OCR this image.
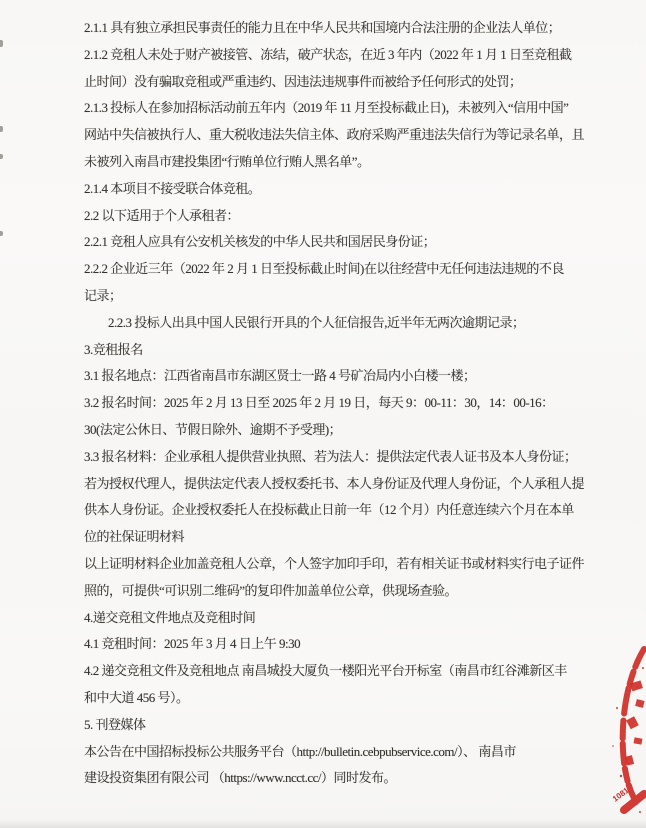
2.1.1 具有独立承担民事责任的能力且在中华人民共和国境内合法注册的企业法人单位；
2.1.2 竞租人未处于财产被接管、冻结，破产状态，在近 3 年内（2022 年 1 月 1 日至竞租截
止时间）没有骗取竞租或严重违约、因违法违规事件而被给予任何形式的处罚；
2.1.3 投标人在参加招标活动前五年内（2019 年 11 月至投标截止日)，未被列入“信用中国”
网站中失信被执行人、重大税收违法失信主体、政府采购严重违法失信行为等记录名单，且
未被列入南昌市建投集团“行贿单位行贿人黑名单”。
2.1.4 本项目不接受联合体竞租。
2.2 以下适用于个人承租者：
2.2.1 竞租人应具有公安机关核发的中华人民共和国居民身份证；
2.2.2 企业近三年（2022 年 2 月 1 日至投标截止时间)在以往经营中无任何违法违规的不良
记录；
2.2.3 投标人出具中国人民银行开具的个人征信报告,近半年无两次逾期记录；
3.竞租报名
3.1 报名地点：江西省南昌市东湖区贤士一路 4 号矿冶局内小白楼一楼；
3.2 报名时间：2025 年 2 月 13 日至 2025 年 2 月 19 日，每天 9：00-11：30，14：00-16：
30(法定公休日、节假日除外、逾期不予受理)；
3.3 报名材料：企业承租人提供营业执照、若为法人：提供法定代表人证书及本人身份证；
若为授权代理人，提供法定代表人授权委托书、本人身份证及代理人身份证，个人承租人提
供本人身份证。企业授权委托人在投标截止日前一年（12 个月）内任意连续六个月在本单
位的社保证明材料
以上证明材料企业加盖竞租人公章，个人签字加印手印，若有相关证书或材料实行电子证件
照的，可提供“可识别二维码”的复印件加盖单位公章，供现场查验。
4.递交竞租文件地点及竞租时间
4.1 竞租时间：2025 年 3 月 4 日上午 9:30
4.2 递交竞租文件及竞租地点 南昌城投大厦负一楼阳光平台开标室（南昌市红谷滩新区丰
和中大道 456 号）。
5. 刊登媒体
本公告在中国招标投标公共服务平台（http://bulletin.cebpubservice.com/）、 南昌市
建设投资集团有限公司 （https://www.ncct.cc/）同时发布。
1081
